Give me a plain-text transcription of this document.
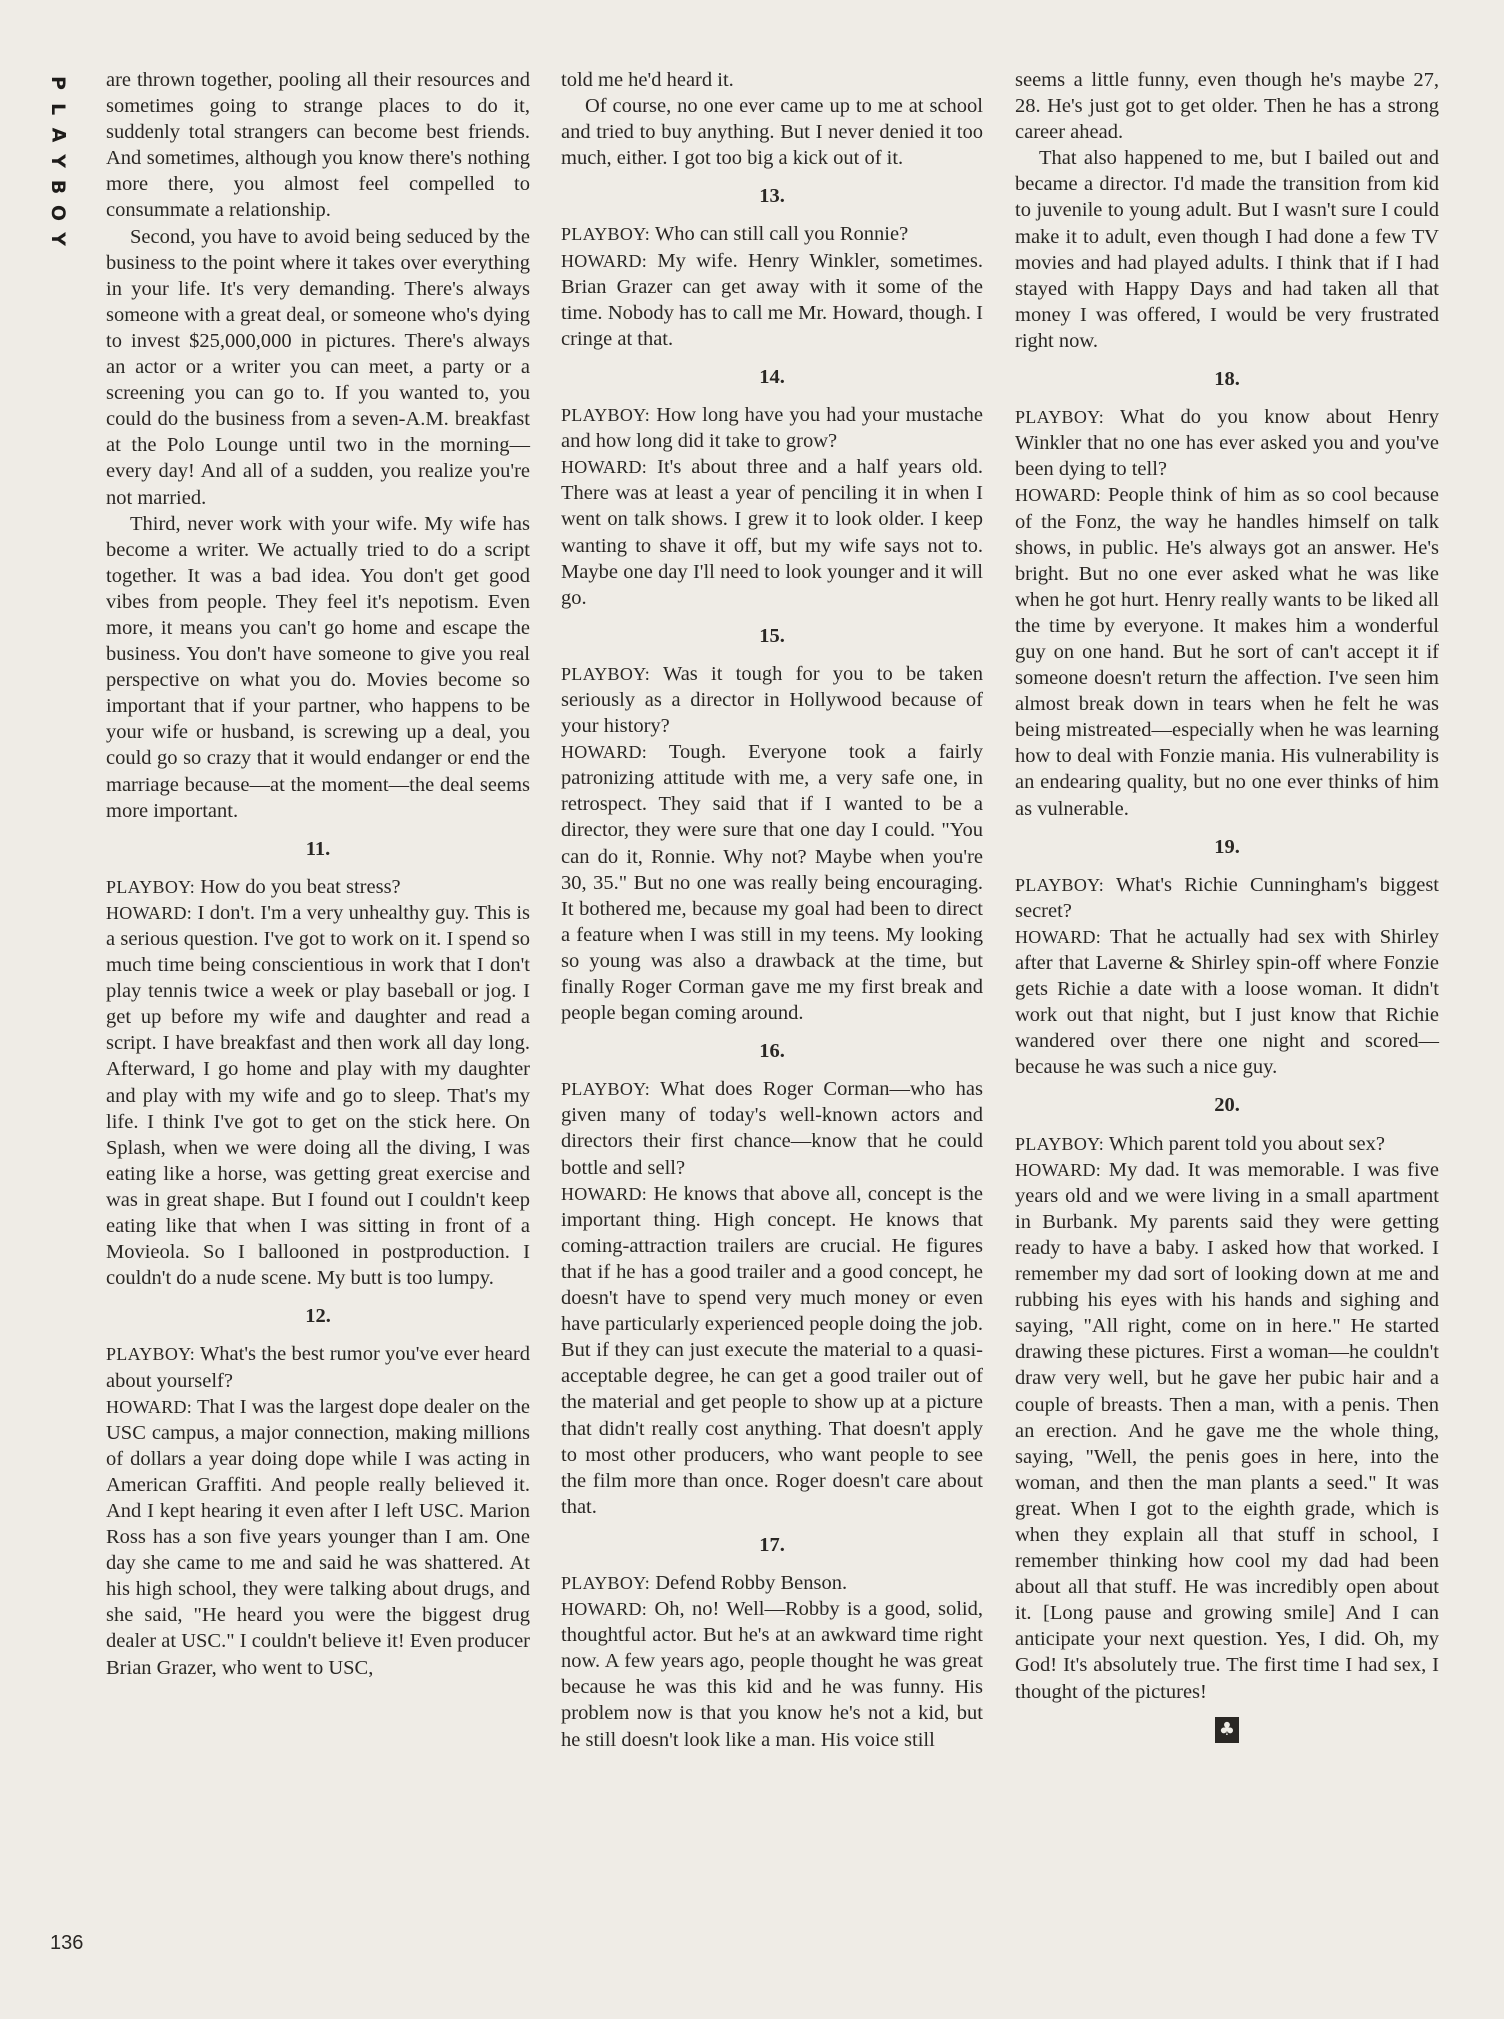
P
L
A
Y
B
O
Y

are thrown together, pooling all their resources and sometimes going to strange places to do it, suddenly total strangers can become best friends. And sometimes, although you know there's nothing more there, you almost feel compelled to consummate a relationship.

Second, you have to avoid being seduced by the business to the point where it takes over everything in your life. It's very demanding. There's always someone with a great deal, or someone who's dying to invest $25,000,000 in pictures. There's always an actor or a writer you can meet, a party or a screening you can go to. If you wanted to, you could do the business from a seven-A.M. breakfast at the Polo Lounge until two in the morning—every day! And all of a sudden, you realize you're not married.

Third, never work with your wife. My wife has become a writer. We actually tried to do a script together. It was a bad idea. You don't get good vibes from people. They feel it's nepotism. Even more, it means you can't go home and escape the business. You don't have someone to give you real perspective on what you do. Movies become so important that if your partner, who happens to be your wife or husband, is screwing up a deal, you could go so crazy that it would endanger or end the marriage because—at the moment—the deal seems more important.

11.

PLAYBOY: How do you beat stress?

HOWARD: I don't. I'm a very unhealthy guy. This is a serious question. I've got to work on it. I spend so much time being conscientious in work that I don't play tennis twice a week or play baseball or jog. I get up before my wife and daughter and read a script. I have breakfast and then work all day long. Afterward, I go home and play with my daughter and play with my wife and go to sleep. That's my life. I think I've got to get on the stick here. On Splash, when we were doing all the diving, I was eating like a horse, was getting great exercise and was in great shape. But I found out I couldn't keep eating like that when I was sitting in front of a Movieola. So I ballooned in postproduction. I couldn't do a nude scene. My butt is too lumpy.

12.

PLAYBOY: What's the best rumor you've ever heard about yourself?

HOWARD: That I was the largest dope dealer on the USC campus, a major connection, making millions of dollars a year doing dope while I was acting in American Graffiti. And people really believed it. And I kept hearing it even after I left USC. Marion Ross has a son five years younger than I am. One day she came to me and said he was shattered. At his high school, they were talking about drugs, and she said, "He heard you were the biggest drug dealer at USC." I couldn't believe it! Even producer Brian Grazer, who went to USC,

told me he'd heard it.

Of course, no one ever came up to me at school and tried to buy anything. But I never denied it too much, either. I got too big a kick out of it.

13.

PLAYBOY: Who can still call you Ronnie?

HOWARD: My wife. Henry Winkler, sometimes. Brian Grazer can get away with it some of the time. Nobody has to call me Mr. Howard, though. I cringe at that.

14.

PLAYBOY: How long have you had your mustache and how long did it take to grow?

HOWARD: It's about three and a half years old. There was at least a year of penciling it in when I went on talk shows. I grew it to look older. I keep wanting to shave it off, but my wife says not to. Maybe one day I'll need to look younger and it will go.

15.

PLAYBOY: Was it tough for you to be taken seriously as a director in Hollywood because of your history?

HOWARD: Tough. Everyone took a fairly patronizing attitude with me, a very safe one, in retrospect. They said that if I wanted to be a director, they were sure that one day I could. "You can do it, Ronnie. Why not? Maybe when you're 30, 35." But no one was really being encouraging. It bothered me, because my goal had been to direct a feature when I was still in my teens. My looking so young was also a drawback at the time, but finally Roger Corman gave me my first break and people began coming around.

16.

PLAYBOY: What does Roger Corman—who has given many of today's well-known actors and directors their first chance—know that he could bottle and sell?

HOWARD: He knows that above all, concept is the important thing. High concept. He knows that coming-attraction trailers are crucial. He figures that if he has a good trailer and a good concept, he doesn't have to spend very much money or even have particularly experienced people doing the job. But if they can just execute the material to a quasi-acceptable degree, he can get a good trailer out of the material and get people to show up at a picture that didn't really cost anything. That doesn't apply to most other producers, who want people to see the film more than once. Roger doesn't care about that.

17.

PLAYBOY: Defend Robby Benson.

HOWARD: Oh, no! Well—Robby is a good, solid, thoughtful actor. But he's at an awkward time right now. A few years ago, people thought he was great because he was this kid and he was funny. His problem now is that you know he's not a kid, but he still doesn't look like a man. His voice still

seems a little funny, even though he's maybe 27, 28. He's just got to get older. Then he has a strong career ahead.

That also happened to me, but I bailed out and became a director. I'd made the transition from kid to juvenile to young adult. But I wasn't sure I could make it to adult, even though I had done a few TV movies and had played adults. I think that if I had stayed with Happy Days and had taken all that money I was offered, I would be very frustrated right now.

18.

PLAYBOY: What do you know about Henry Winkler that no one has ever asked you and you've been dying to tell?

HOWARD: People think of him as so cool because of the Fonz, the way he handles himself on talk shows, in public. He's always got an answer. He's bright. But no one ever asked what he was like when he got hurt. Henry really wants to be liked all the time by everyone. It makes him a wonderful guy on one hand. But he sort of can't accept it if someone doesn't return the affection. I've seen him almost break down in tears when he felt he was being mistreated—especially when he was learning how to deal with Fonzie mania. His vulnerability is an endearing quality, but no one ever thinks of him as vulnerable.

19.

PLAYBOY: What's Richie Cunningham's biggest secret?

HOWARD: That he actually had sex with Shirley after that Laverne & Shirley spin-off where Fonzie gets Richie a date with a loose woman. It didn't work out that night, but I just know that Richie wandered over there one night and scored—because he was such a nice guy.

20.

PLAYBOY: Which parent told you about sex?

HOWARD: My dad. It was memorable. I was five years old and we were living in a small apartment in Burbank. My parents said they were getting ready to have a baby. I asked how that worked. I remember my dad sort of looking down at me and rubbing his eyes with his hands and sighing and saying, "All right, come on in here." He started drawing these pictures. First a woman—he couldn't draw very well, but he gave her pubic hair and a couple of breasts. Then a man, with a penis. Then an erection. And he gave me the whole thing, saying, "Well, the penis goes in here, into the woman, and then the man plants a seed." It was great. When I got to the eighth grade, which is when they explain all that stuff in school, I remember thinking how cool my dad had been about all that stuff. He was incredibly open about it. [Long pause and growing smile] And I can anticipate your next question. Yes, I did. Oh, my God! It's absolutely true. The first time I had sex, I thought of the pictures!

♣
136
